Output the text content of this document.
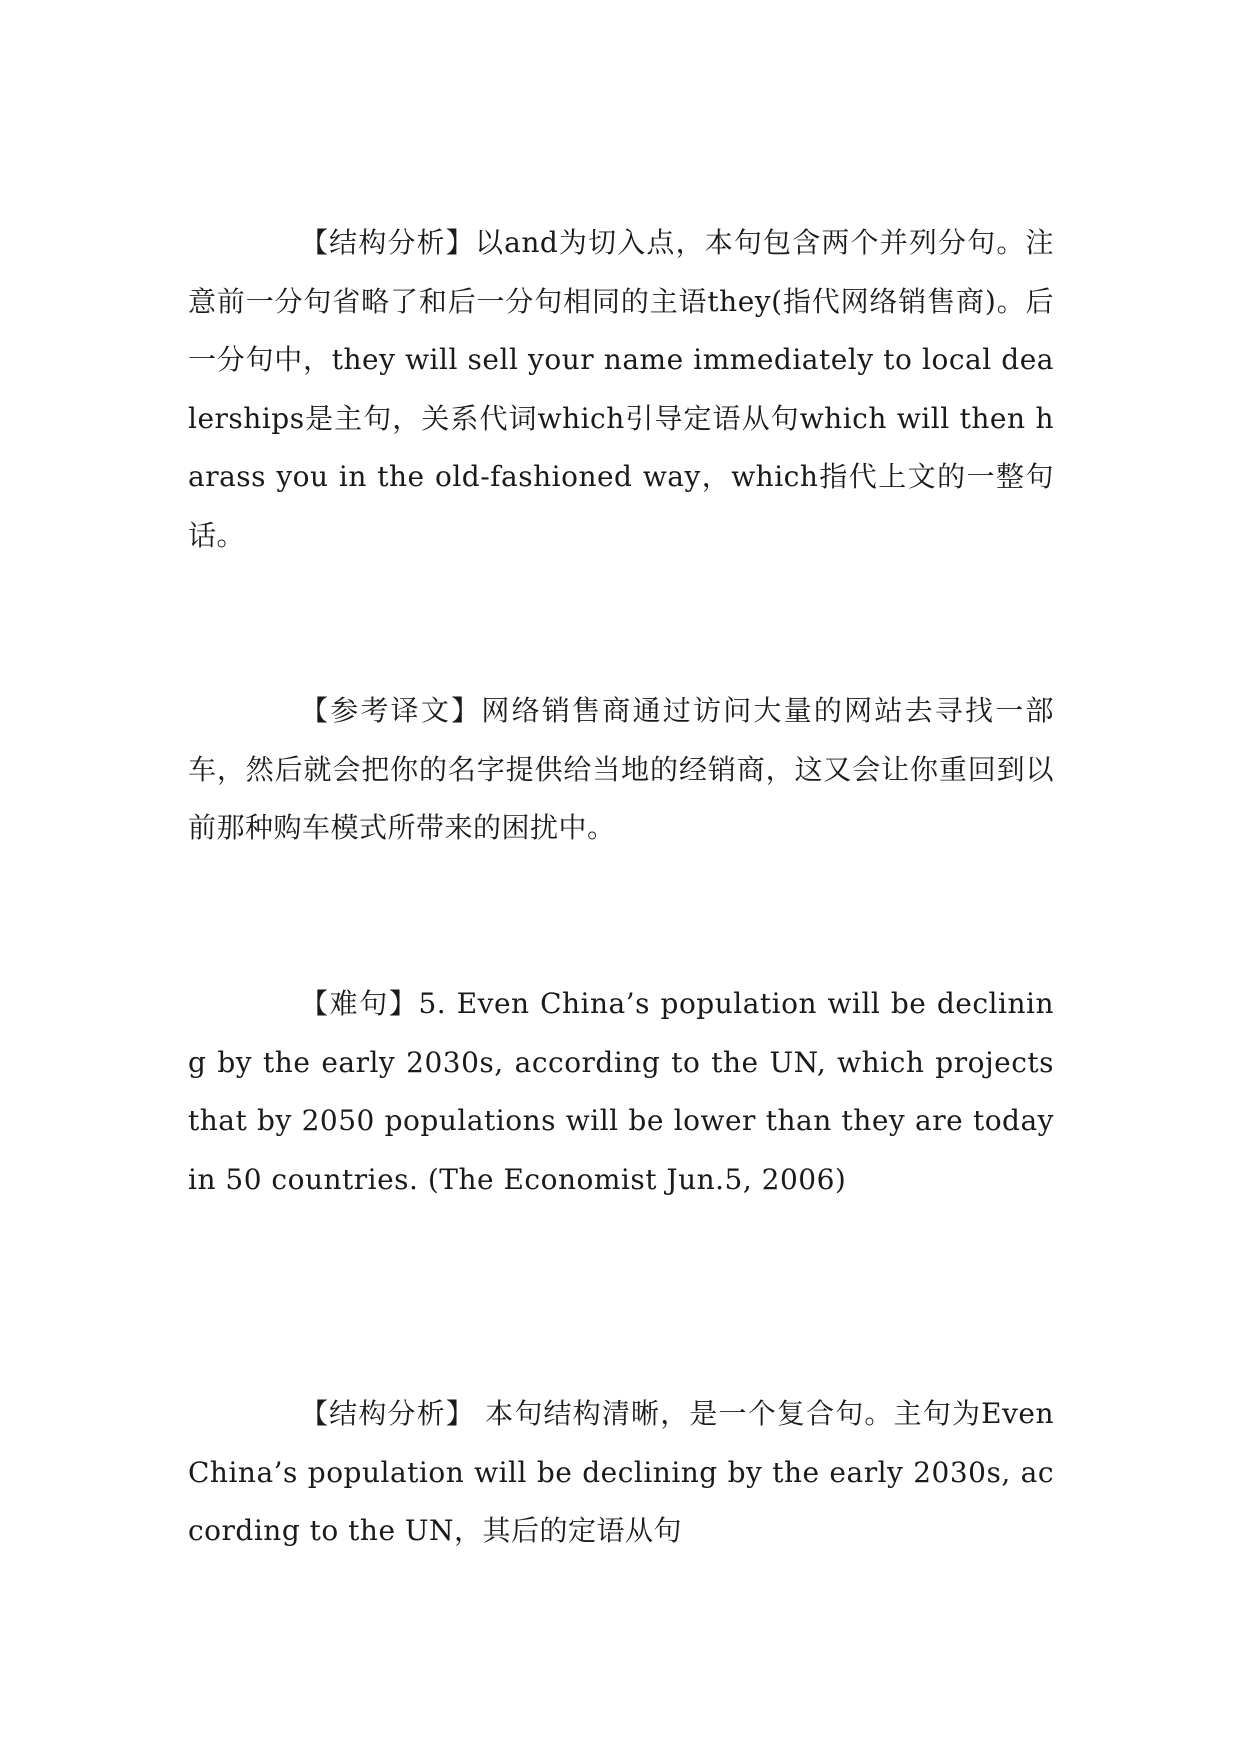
【结构分析】以and为切入点，本句包含两个并列分句。注意前一分句省略了和后一分句相同的主语they(指代网络销售商)。后一分句中，they will sell your name immediately to local dealerships是主句，关系代词which引导定语从句which will then harass you in the old-fashioned way，which指代上文的一整句话。

【参考译文】网络销售商通过访问大量的网站去寻找一部车，然后就会把你的名字提供给当地的经销商，这又会让你重回到以前那种购车模式所带来的困扰中。

【难句】5. Even China’s population will be declining by the early 2030s, according to the UN, which projects that by 2050 populations will be lower than they are today in 50 countries. (The Economist Jun.5, 2006)

【结构分析】 本句结构清晰，是一个复合句。主句为Even China’s population will be declining by the early 2030s, according to the UN，其后的定语从句
